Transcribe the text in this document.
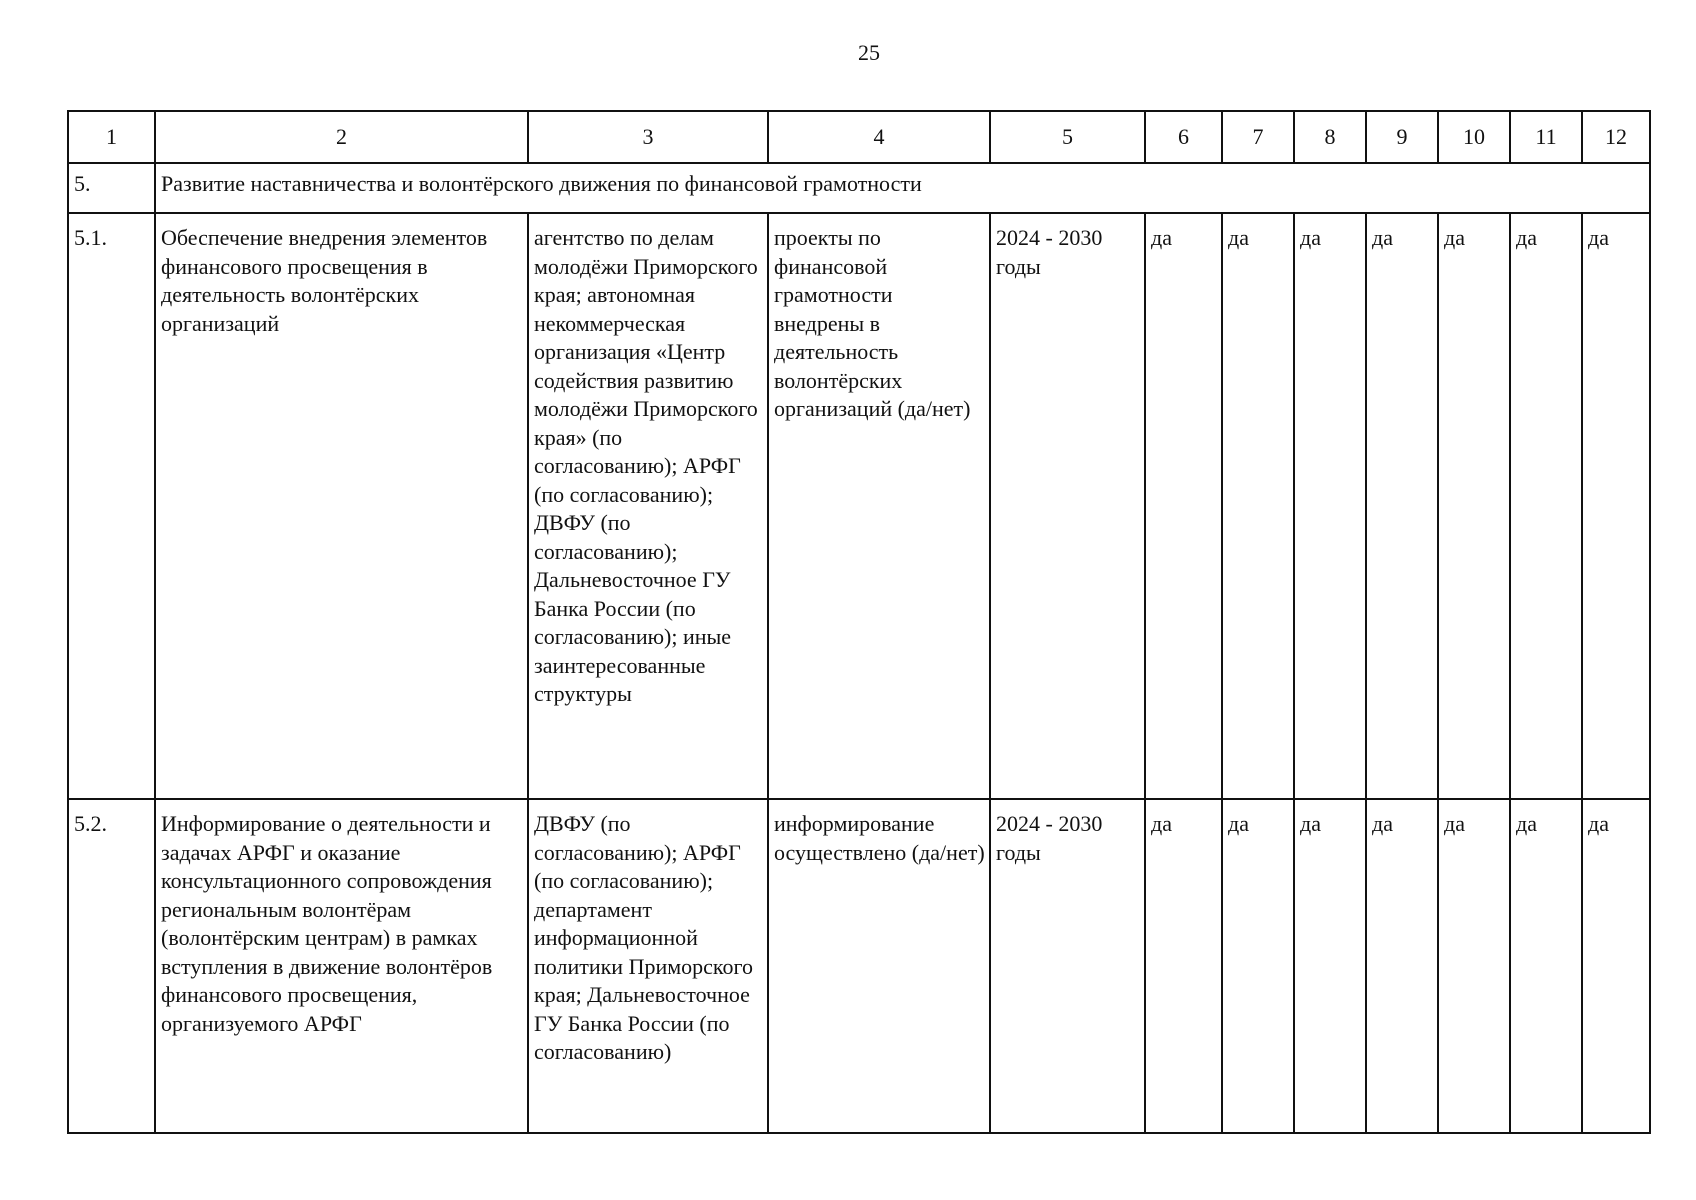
25
1	2	3	4	5	6	7	8	9	10	11	12
5.	Развитие наставничества и волонтёрского движения по финансовой грамотности										
5.1.	Обеспечение внедрения элементов финансового просвещения в деятельность волонтёрских организаций	агентство по делам молодёжи Приморского края; автономная некоммерческая организация «Центр содействия развитию молодёжи Приморского края» (по согласованию); АРФГ (по согласованию); ДВФУ (по согласованию); Дальневосточное ГУ Банка России (по согласованию); иные заинтересованные структуры	проекты по финансовой грамотности внедрены в деятельность волонтёрских организаций (да/нет)	2024 - 2030 годы	да	да	да	да	да	да	да
5.2.	Информирование о деятельности и задачах АРФГ и оказание консультационного сопровождения региональным волонтёрам (волонтёрским центрам) в рамках вступления в движение волонтёров финансового просвещения, организуемого АРФГ	ДВФУ (по согласованию); АРФГ (по согласованию); департамент информационной политики Приморского края; Дальневосточное ГУ Банка России (по согласованию)	информирование осуществлено (да/нет)	2024 - 2030 годы	да	да	да	да	да	да	да
